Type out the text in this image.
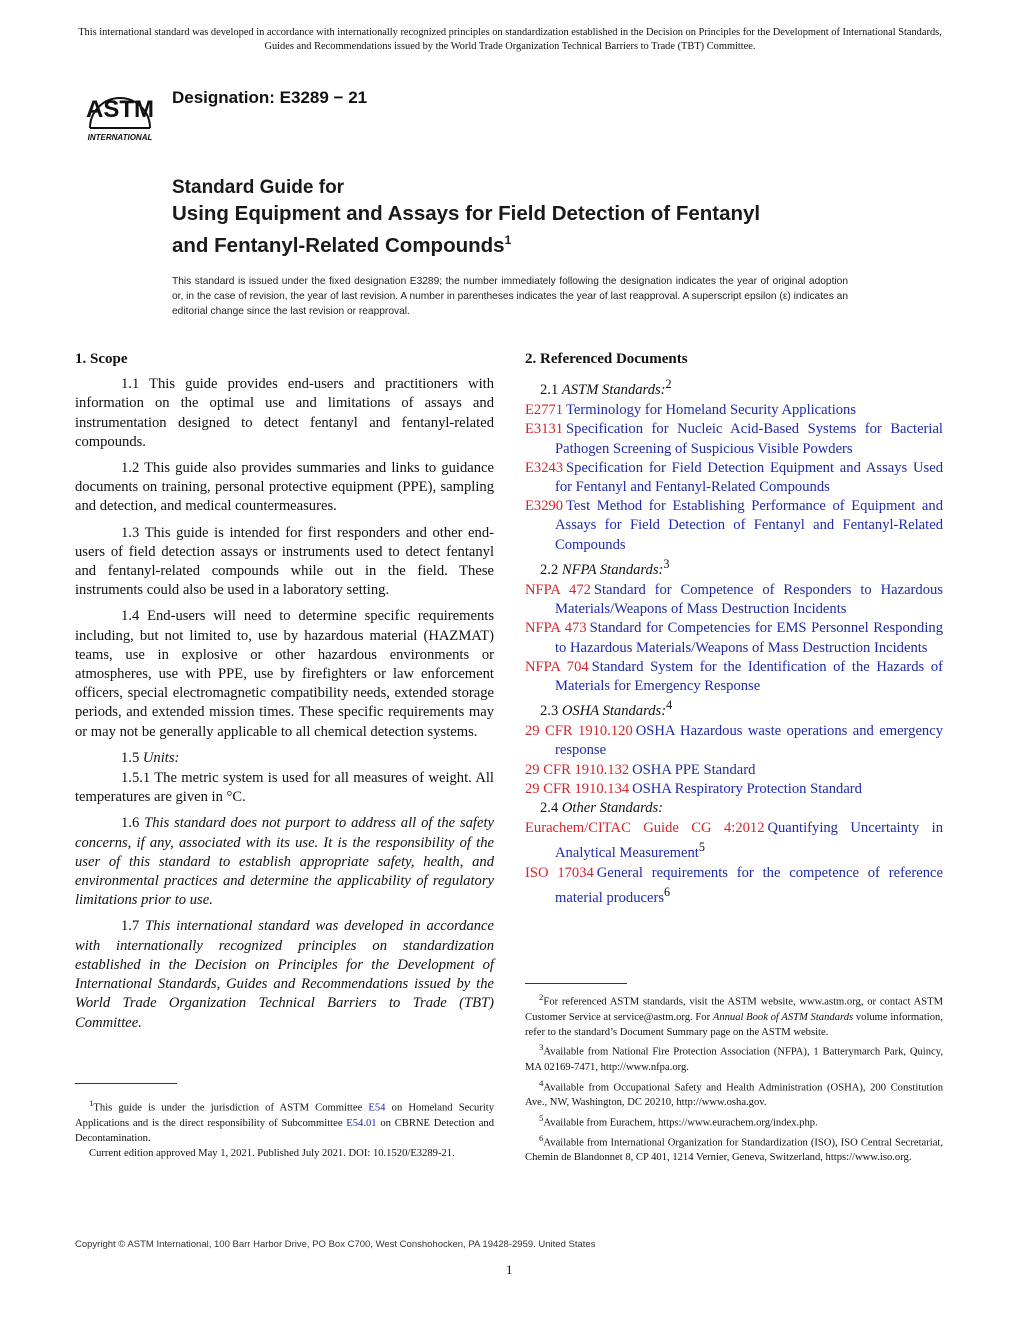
This international standard was developed in accordance with internationally recognized principles on standardization established in the Decision on Principles for the Development of International Standards, Guides and Recommendations issued by the World Trade Organization Technical Barriers to Trade (TBT) Committee.
ASTM
INTERNATIONAL
Designation: E3289 − 21
Standard Guide for
Using Equipment and Assays for Field Detection of Fentanyl
and Fentanyl-Related Compounds$^1$
This standard is issued under the fixed designation E3289; the number immediately following the designation indicates the year of original adoption or, in the case of revision, the year of last revision. A number in parentheses indicates the year of last reapproval. A superscript epsilon (ε) indicates an editorial change since the last revision or reapproval.
1. Scope

1.1 This guide provides end-users and practitioners with information on the optimal use and limitations of assays and instrumentation designed to detect fentanyl and fentanyl-related compounds.

1.2 This guide also provides summaries and links to guidance documents on training, personal protective equipment (PPE), sampling and detection, and medical countermeasures.

1.3 This guide is intended for first responders and other end-users of field detection assays or instruments used to detect fentanyl and fentanyl-related compounds while out in the field. These instruments could also be used in a laboratory setting.

1.4 End-users will need to determine specific requirements including, but not limited to, use by hazardous material (HAZMAT) teams, use in explosive or other hazardous environments or atmospheres, use with PPE, use by firefighters or law enforcement officers, special electromagnetic compatibility needs, extended storage periods, and extended mission times. These specific requirements may or may not be generally applicable to all chemical detection systems.

1.5 Units:

1.5.1 The metric system is used for all measures of weight. All temperatures are given in °C.

1.6 This standard does not purport to address all of the safety concerns, if any, associated with its use. It is the responsibility of the user of this standard to establish appropriate safety, health, and environmental practices and determine the applicability of regulatory limitations prior to use.

1.7 This international standard was developed in accordance with internationally recognized principles on standardization established in the Decision on Principles for the Development of International Standards, Guides and Recommendations issued by the World Trade Organization Technical Barriers to Trade (TBT) Committee.

$^1$This guide is under the jurisdiction of ASTM Committee E54 on Homeland Security Applications and is the direct responsibility of Subcommittee E54.01 on CBRNE Detection and Decontamination.

Current edition approved May 1, 2021. Published July 2021. DOI: 10.1520/E3289-21.

2. Referenced Documents

2.1 ASTM Standards:$^2$

E2771  Terminology for Homeland Security Applications

E3131  Specification for Nucleic Acid-Based Systems for Bacterial Pathogen Screening of Suspicious Visible Powders

E3243  Specification for Field Detection Equipment and Assays Used for Fentanyl and Fentanyl-Related Compounds

E3290  Test Method for Establishing Performance of Equipment and Assays for Field Detection of Fentanyl and Fentanyl-Related Compounds

2.2 NFPA Standards:$^3$

NFPA 472  Standard for Competence of Responders to Hazardous Materials/Weapons of Mass Destruction Incidents

NFPA 473  Standard for Competencies for EMS Personnel Responding to Hazardous Materials/Weapons of Mass Destruction Incidents

NFPA 704  Standard System for the Identification of the Hazards of Materials for Emergency Response

2.3 OSHA Standards:$^4$

29 CFR 1910.120  OSHA Hazardous waste operations and emergency response

29 CFR 1910.132  OSHA PPE Standard

29 CFR 1910.134  OSHA Respiratory Protection Standard

2.4 Other Standards:

Eurachem/CITAC Guide CG 4:2012  Quantifying Uncertainty in Analytical Measurement$^5$

ISO 17034  General requirements for the competence of reference material producers$^6$

$^2$For referenced ASTM standards, visit the ASTM website, www.astm.org, or contact ASTM Customer Service at service@astm.org. For Annual Book of ASTM Standards volume information, refer to the standard’s Document Summary page on the ASTM website.

$^3$Available from National Fire Protection Association (NFPA), 1 Batterymarch Park, Quincy, MA 02169-7471, http://www.nfpa.org.

$^4$Available from Occupational Safety and Health Administration (OSHA), 200 Constitution Ave., NW, Washington, DC 20210, http://www.osha.gov.

$^5$Available from Eurachem, https://www.eurachem.org/index.php.

$^6$Available from International Organization for Standardization (ISO), ISO Central Secretariat, Chemin de Blandonnet 8, CP 401, 1214 Vernier, Geneva, Switzerland, https://www.iso.org.

Copyright © ASTM International, 100 Barr Harbor Drive, PO Box C700, West Conshohocken, PA 19428-2959. United States
1
